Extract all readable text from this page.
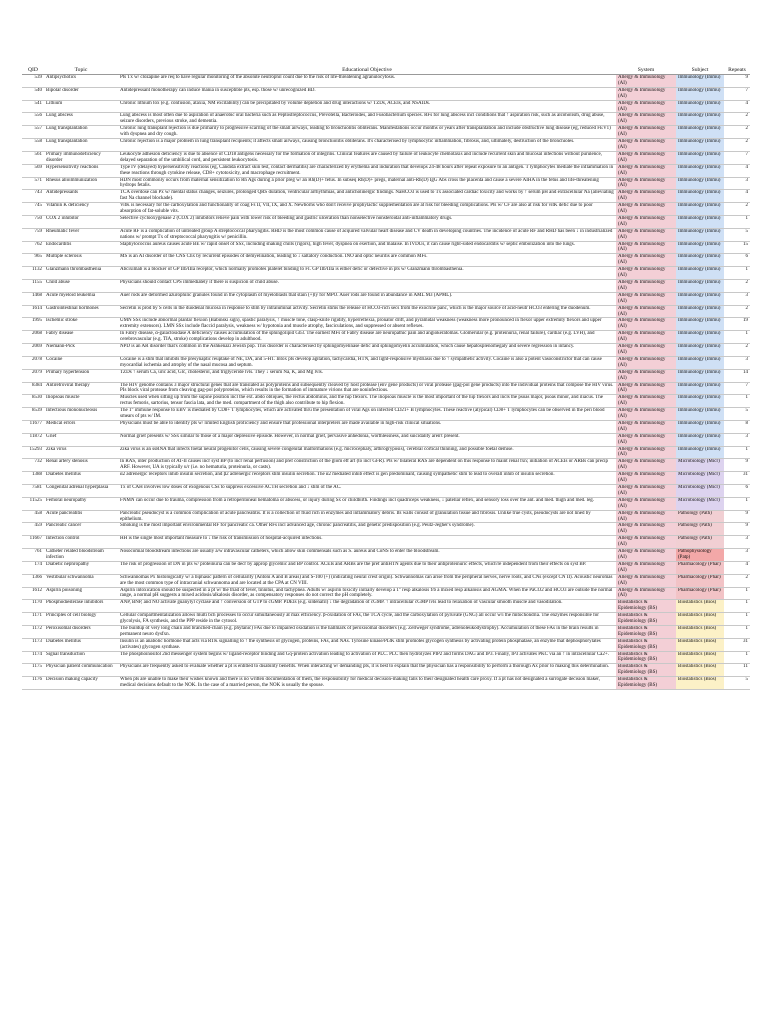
QID	Topic	Educational Objective	System	Subject	Repeats
539	Antipsychotics	Pts Tx w/ clozapine are req to have regular monitoring of the absolute neutrophil count due to the risk of life-threatening agranulocytosis.	Allergy & Immunology (AI)	Immunology (Immu)	9
540	Bipolar disorder	Antidepressant monotherapy can induce mania in susceptible pts, esp. those w/ unrecognized BD.	Allergy & Immunology (AI)	Immunology (Immu)	7
541	Lithium	Chronic lithium tox (e.g. confusion, ataxia, NM excitability) can be precipitated by volume depletion and drug interactions w/ TZDs, ACEIs, and NSAIDs.	Allergy & Immunology (AI)	Immunology (Immu)	4
556	Lung abscess	Lung abscess is most often due to aspiration of anaerobic oral bacteria such as Peptostreptococcus, Prevotella, Bacteroides, and Fusobacterium species. RFs for lung abscess incl conditions that ↑ aspiration risk, such as alcoholism, drug abuse, seizure disorders, previous stroke, and dementia.	Allergy & Immunology (AI)	Immunology (Immu)	2
557	Lung transplantation	Chronic lung transplant rejection is due primarily to progressive scarring of the small airways, leading to bronchiolitis obliterans. Manifestations occur months or years after transplantation and include obstructive lung disease (eg, reduced FEV1) with dyspnea and dry cough.	Allergy & Immunology (AI)	Immunology (Immu)	2
558	Lung transplantation	Chronic rejection is a major problem in lung transplant recipients; it affects small airways, causing bronchiolitis obliterans. It's characterised by lymphocytic inflammation, fibrosis, and, ultimately, destruction of the bronchioles.	Allergy & Immunology (AI)	Immunology (Immu)	2
561	Primary immunodeficiency disorder	Leukocyte adhesion deficiency is due to absence of CD18 antigens necessary for the formation of integrins. Clinical features are caused by failure of leukocyte chemotaxis and include recurrent skin and mucosal infections without purulence, delayed separation of the umbilical cord, and persistent leukocytosis.	Allergy & Immunology (AI)	Immunology (Immu)	7
569	Hypersensitivity reactions	Type IV (delayed) hypersensitivity reactions (eg, Candida extract skin test, contact dermatitis) are characterized by erythema and induration that develops 24-48 hours after repeat exposure to an antigen. T lymphocytes mediate the inflammation in these reactions through cytokine release, CD8+ cytotoxicity, and macrophage recruitment.	Allergy & Immunology (AI)	Immunology (Immu)	4
571	Rhesus alloimmunization	HDN most commonly occurs from maternal sensitization to Rh Ags during a prior preg w/ an Rh(D)+ fetus. In subseq Rh(D)+ pregs, maternal anti-Rh(D) IgG Abs cross the placenta and cause a severe AIHA in the fetus and life-threatening hydrops fetalis.	Allergy & Immunology (AI)	Immunology (Immu)	3
743	Antidepressants	TCA overdose can Px w/ mental status changes, seizures, prolonged QRS duration, ventricular arrhythmias, and anticholinergic findings. NaHCO3 is used to Tx associated cardiac toxicity and works by ↑ serum pH and extracellular Na (alleviating fast Na channel blockade).	Allergy & Immunology (AI)	Immunology (Immu)	4
745	Vitamin K deficiency	VitK is necessary for the carboxylation and functionality of coag Fs II, VII, IX, and X. Newborns who don't receive prophylactic supplementation are at risk for bleeding complications. Pts w/ CF are also at risk for vitK defic due to poor absorption of fat-soluble vits.	Allergy & Immunology (AI)	Immunology (Immu)	2
750	COX 2 inhibitor	Selective cyclooxygenase 2 (COX 2) inhibitors relieve pain with lower risk of bleeding and gastric ulceration than nonselective nonsteroidal anti-inflammatory drugs.	Allergy & Immunology (AI)	Immunology (Immu)	1
759	Rheumatic fever	Acute RF is a complication of untreated group A streptococcal pharyngitis. RHD is the most common cause of acquired valvular heart disease and CV death in developing countries. The incidence of acute RF and RHD has been ↓ in industrialized nations w/ prompt Tx of streptococcal pharyngitis w/ penicillin.	Allergy & Immunology (AI)	Immunology (Immu)	5
762	Endocarditis	Staphylococcus aureus causes acute BE w/ rapid onset of SSx, including shaking chills (rigors), high fever, dyspnea on exertion, and malaise. In IVDUs, it can cause right-sided endocarditis w/ septic embolization into the lungs.	Allergy & Immunology (AI)	Immunology (Immu)	15
965	Multiple sclerosis	MS is an AI disorder of the CNS Chx by recurrent episodes of demyelination, leading to ↓ saltatory conduction. INO and optic neuritis are common MFs.	Allergy & Immunology (AI)	Immunology (Immu)	6
1132	Glanzmann thrombasthenia	Abciximab is a blocker of GP IIb/IIIa receptor, which normally promotes platelet binding to FI. GP IIb/IIIa is either defic or defective in pts w/ Glanzmann thrombasthenia.	Allergy & Immunology (AI)	Immunology (Immu)	1
1155	Child abuse	Physicians should contact CPS immediately if there is suspicion of child abuse.	Allergy & Immunology (AI)	Immunology (Immu)	2
1468	Acute myeloid leukemia	Auer rods are deformed azurophilic granules found in the cytoplasm of myeloblasts that stain (+)ly for MPO. Auer rods are found in abundance in AML M3 (APML).	Allergy & Immunology (AI)	Immunology (Immu)	3
1614	Gastrointestinal hormones	Secretin is prod by S cells in the duodenal mucosa in response to stim by intraluminal activity. Secretin stims the release of HCO3-rich secs from the exocrine panc, which is the major source of acid-neutr HCO3 entering the duodenum.	Allergy & Immunology (AI)	Immunology (Immu)	2
1995	Ischemic stroke	UMN SSx include abnormal plantar flexion (Babinski sign), spastic paralysis, ↑ muscle tone, clasp-knife rigidity, hyperreflexia, pronator drift, and pyramidal weakness (weakness more pronounced in flexor upper extremity flexors and upper extremity extensors). LMN SSx include flaccid paralysis, weakness w/ hypotonia and muscle atrophy, fasciculations, and suppressed or absent reflexes.	Allergy & Immunology (AI)	Immunology (Immu)	19
2068	Fabry disease	In Fabry disease, α-galactosidase A deficiency causes accumulation of the sphingolipid Gb3. The earliest MFs of Fabry disease are neuropathic pain and angiokeratomas. Glomerular (e.g. proteinuria, renal failure), cardiac (e.g. LVH), and cerebrovascular (e.g. TIA, stroke) complications develop in adulthood.	Allergy & Immunology (AI)	Immunology (Immu)	1
2069	Niemann-Pick	NPD is an AR disorder that's common in the Ashkenazi Jewish pop. This disorder is characterised by sphingomyelinase defic and sphingomyelin accumulation, which cause hepatosplenomegaly and severe regression in infancy.	Allergy & Immunology (AI)	Immunology (Immu)	2
2078	Cocaine	Cocaine is a stim that inhibits the presynaptic reuptake of NE, DA, and 5-HT. Intox pts develop agitation, tachycardia, HTN, and light-responsive mydriasis due to ↑ sympathetic activity. Cocaine is also a potent vasoconstrictor that can cause myocardial ischemia and atrophy of the nasal mucosa and septum.	Allergy & Immunology (AI)	Immunology (Immu)	3
2079	Primary hypertension	TZDs ↑ serum Ca, uric acid, Glc, cholesterol, and triglyceride lvls. They ↓ serum Na, K, and Mg lvls.	Allergy & Immunology (AI)	Immunology (Immu)	14
8384	Antiretroviral therapy	The HIV genome contains 3 major structural genes that are translated as polyproteins and subsequently cleaved by host protease (env gene products) or viral protease (gag-pol gene products) into the individual proteins that compose the HIV virus. PIs block viral protease from cleaving gag-pol polyproteins, which results in the formation of immature virions that are noninfectious.	Allergy & Immunology (AI)	Immunology (Immu)	7
8530	Iliopsoas muscle	Muscles used when sitting up from the supine position incl the ext. abdo obliques, the rectus abdominis, and the hip flexors. The iliopsoas muscle is the most important of the hip flexors and incls the psoas major, psoas minor, and iliacus. The rectus femoris, sartorius, tensor fascia lata, and the med. compartment of the thigh also contribute to hip flexion.	Allergy & Immunology (AI)	Immunology (Immu)	1
8539	Infectious mononucleosis	The 1° immune response to EBV is mediated by CD8+ T lymphocytes, which are activated thru the presentation of viral Ags on infected CD21+ B lymphocytes. These reactive (atypical) CD8+ T lymphocytes can be observed in the peri blood smears of pts w/ IM.	Allergy & Immunology (AI)	Immunology (Immu)	5
11677	Medical errors	Physicians must be able to identify pts w/ limited English proficiency and ensure that professional interpreters are made available in high-risk clinical situations.	Allergy & Immunology (AI)	Immunology (Immu)	8
11872	Grief	Normal grief presents w/ SSx similar to those of a major depressive episode. However, in normal grief, pervasive anhedonia, worthlessness, and suicidality aren't present.	Allergy & Immunology (AI)	Immunology (Immu)	3
15293	Zika virus	Zika virus is an ssRNA that infects foetal neural progenitor cells, causing severe congenital malformations (e.g. microcephaly, arthrogryposis), cerebral cortical thinning, and possible foetal demise.	Allergy & Immunology (AI)	Immunology (Immu)	1
732	Renal artery stenosis	In RAS, inter production of AT-II causes incr syst BP (to incr renal perfusion) and pref constriction of the glom eff art (to incr GFR). Pts w/ bilateral RAS are dependent on this response to maint renal fxn; initiation of ACEIs or ARBs can precip ARF. However, UA is typically u/r (i.e. no hematuria, proteinuria, or casts).	Allergy & Immunology (AI)	Microbiology (Micr)	9
1388	Diabetes mellitus	α2 adrenergic receptors inhib insulin secretion, and β2 adrenergic receptors stim insulin secretion. The α2 mediated inhib effect is gen predominant, causing sympathetic stim to lead to overall inhib of insulin secretion.	Allergy & Immunology (AI)	Microbiology (Micr)	31
7581	Congenital adrenal hyperplasia	Tx of CAH involves low doses of exogenous CSs to suppress excessive ACTH secretion and ↓ stim of the AC.	Allergy & Immunology (AI)	Microbiology (Micr)	6
11525	Femoral neuropathy	FNMN can occur due to trauma, compression from a retroperitoneal hematoma or abscess, or injury during Sx or childbirth. Findings incl quadriceps weakness, ↓ patellar reflex, and sensory loss over the ant. and med. thigh and med. leg.	Allergy & Immunology (AI)	Microbiology (Micr)	1
458	Acute pancreatitis	Pancreatic pseudocyst is a common complication of acute pancreatitis. It is a collection of fluid rich in enzymes and inflammatory debris. Its walls consist of granulation tissue and fibrosis. Unlike true cysts, pseudocysts are not lined by epithelium.	Allergy & Immunology (AI)	Pathology (Path)	9
459	Pancreatic cancer	Smoking is the most important environmental RF for pancreatic ca. Other RFs incl advanced age, chronic pancreatitis, and genetic predisposition (e.g. Peutz-Jegher's syndrome).	Allergy & Immunology (AI)	Pathology (Path)	9
11667	Infection control	HH is the single most important measure to ↓ the risk of transmission of hospital-acquired infections.	Allergy & Immunology (AI)	Pathology (Path)	3
761	Catheter related bloodstream infection	Nosocomial bloodstream infections are usually a/w intravascular catheters, which allow skin commensals such as S. aureus and CoNS to enter the bloodstream.	Allergy & Immunology (AI)	Pathophysiology (Patp)	3
174	Diabetic nephropathy	The risk of progression of DN in pts w/ proteinuria can be decr by approp glycemic and BP control. ACEIs and ARBs are the pref antiHTN agents due to their antiproteinuric effects, which're independent from their effects on syst BP.	Allergy & Immunology (AI)	Pharmacology (Phar)	4
1366	Vestibular schwannoma	Schwannomas Px histologically w/ a biphasic pattern of cellularity (Antoni A and B areas) and S-100 (+) (indicating neural crest origin). Schwannomas can arise from the peripheral nerves, nerve roots, and CNs (except CN II). Acoustic neuromas are the most common type of intracranial schwannoma and are located at the CPA at CN VIII.	Allergy & Immunology (AI)	Pharmacology (Phar)	2
1612	Aspirin poisoning	Aspirin intoxication should be suspected in a pt w/ the triad of fever, tinnitus, and tachypnea. Adults w/ aspirin toxicity initially develop a 1° resp alkalosis f/b a mixed resp alkalosis and AGMA. When the PaCO2 and HCO3 are outside the normal range, a normal pH suggests a mixed acidosis/alkalosis disorder, as compensatory responses do not correct the pH completely.	Allergy & Immunology (AI)	Pharmacology (Phar)	1
1170	Phosphodiesterase inhibitors	ANP, BNP, and NO activate guanylyl cyclase and ↑ conversion of GTP to cGMP. PDEIs (e.g. sildenafil) ↓ the degradation of cGMP. ↑ intracellular cGMP lvls lead to relaxation of vascular smooth muscle and vasodilation.	Biostatistics & Epidemiology (BS)	Biostatistics (Bios)	1
1171	Principles of cell biology	Cellular compartmentalization allows multi bch processes to occur simultaneously at max efficiency. β-oxidation of FAs, the TCA cycle, and the carboxylation of pyruvate (GNG) all occur w/i the mitochondria. The enzymes responsible for glycolysis, FA synthesis, and the PPP reside in the cytosol.	Biostatistics & Epidemiology (BS)	Biostatistics (Bios)	1
1172	Peroxisomal disorders	The buildup of very long chain and branched-chain (e.g. phytanic) FAs due to impaired oxidation is the hallmark of peroxisomal disorders (e.g. Zellweger syndrome, adrenoleukodystrophy). Accumulation of these FAs in the brain results in permanent neuro dysfxn.	Biostatistics & Epidemiology (BS)	Biostatistics (Bios)	1
1173	Diabetes mellitus	Insulin is an anabolic hormone that acts via RTK signalling to ↑ the synthesis of glycogen, proteins, FAs, and NAs. Tyrosine kinase/PI3K stim promotes glycogen synthesis by activating protein phosphatase, an enzyme that dephosphorylates (activates) glycogen synthase.	Biostatistics & Epidemiology (BS)	Biostatistics (Bios)	31
1174	Signal transduction	The phosphoinositol 2nd messenger system begins w/ ligand-receptor binding and Gq-protein activation leading to activation of PLC. PLC then hydrolyzes PIP2 and forms DAG and IP3. Finally, IP3 activates PKC via an ↑ in intracellular Ca2+.	Biostatistics & Epidemiology (BS)	Biostatistics (Bios)	1
1175	Physician patient communication	Physicians are frequently asked to evaluate whether a pt is entitled to disability benefits. When interacting w/ demanding pts, it is best to explain that the physician has a responsibility to perform a thorough Ax prior to making this determination.	Biostatistics & Epidemiology (BS)	Biostatistics (Bios)	11
1176	Decision making capacity	When pts are unable to make their wishes known and there is no written documentation of them, the responsibility for medical decision-making falls to their designated health care proxy. If a pt has not designated a surrogate decision maker, medical decisions default to the NOK. In the case of a married person, the NOK is usually the spouse.	Biostatistics & Epidemiology (BS)	Biostatistics (Bios)	5
